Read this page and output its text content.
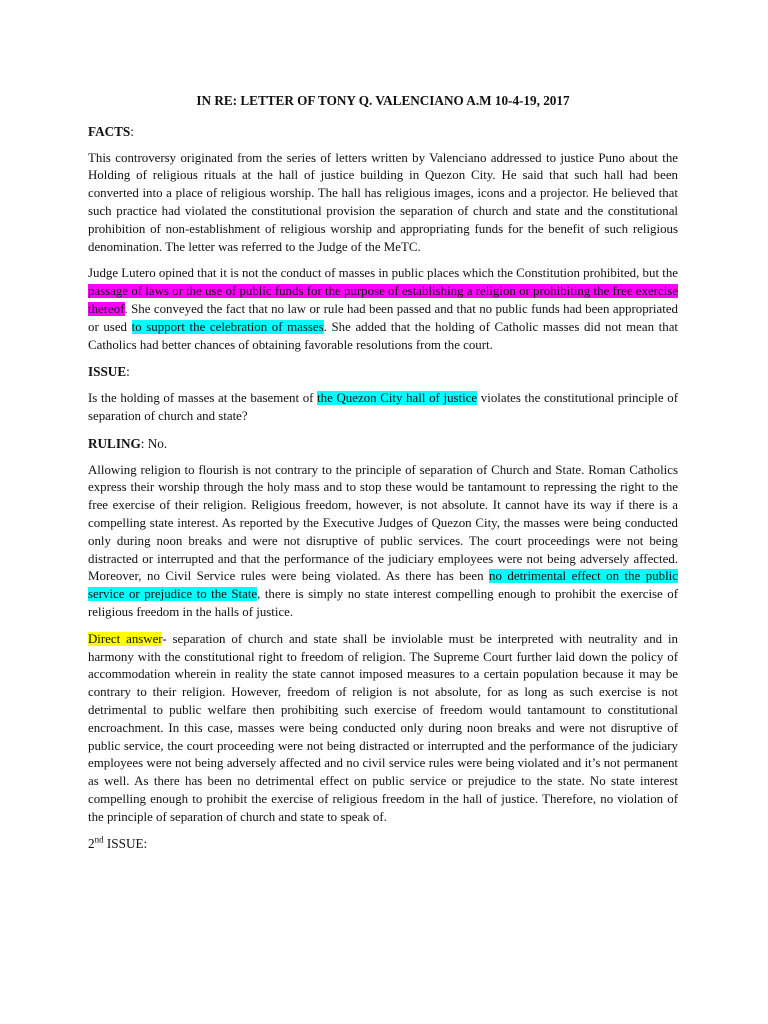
IN RE: LETTER OF TONY Q. VALENCIANO A.M 10-4-19, 2017
FACTS:

This controversy originated from the series of letters written by Valenciano addressed to justice Puno about the Holding of religious rituals at the hall of justice building in Quezon City. He said that such hall had been converted into a place of religious worship. The hall has religious images, icons and a projector. He believed that such practice had violated the constitutional provision the separation of church and state and the constitutional prohibition of non-establishment of religious worship and appropriating funds for the benefit of such religious denomination. The letter was referred to the Judge of the MeTC.

Judge Lutero opined that it is not the conduct of masses in public places which the Constitution prohibited, but the passage of laws or the use of public funds for the purpose of establishing a religion or prohibiting the free exercise thereof. She conveyed the fact that no law or rule had been passed and that no public funds had been appropriated or used to support the celebration of masses. She added that the holding of Catholic masses did not mean that Catholics had better chances of obtaining favorable resolutions from the court.

ISSUE:

Is the holding of masses at the basement of the Quezon City hall of justice violates the constitutional principle of separation of church and state?

RULING: No.

Allowing religion to flourish is not contrary to the principle of separation of Church and State. Roman Catholics express their worship through the holy mass and to stop these would be tantamount to repressing the right to the free exercise of their religion. Religious freedom, however, is not absolute. It cannot have its way if there is a compelling state interest. As reported by the Executive Judges of Quezon City, the masses were being conducted only during noon breaks and were not disruptive of public services. The court proceedings were not being distracted or interrupted and that the performance of the judiciary employees were not being adversely affected. Moreover, no Civil Service rules were being violated. As there has been no detrimental effect on the public service or prejudice to the State, there is simply no state interest compelling enough to prohibit the exercise of religious freedom in the halls of justice.

Direct answer- separation of church and state shall be inviolable must be interpreted with neutrality and in harmony with the constitutional right to freedom of religion. The Supreme Court further laid down the policy of accommodation wherein in reality the state cannot imposed measures to a certain population because it may be contrary to their religion. However, freedom of religion is not absolute, for as long as such exercise is not detrimental to public welfare then prohibiting such exercise of freedom would tantamount to constitutional encroachment. In this case, masses were being conducted only during noon breaks and were not disruptive of public service, the court proceeding were not being distracted or interrupted and the performance of the judiciary employees were not being adversely affected and no civil service rules were being violated and it’s not permanent as well. As there has been no detrimental effect on public service or prejudice to the state. No state interest compelling enough to prohibit the exercise of religious freedom in the hall of justice. Therefore, no violation of the principle of separation of church and state to speak of.

2nd ISSUE:
